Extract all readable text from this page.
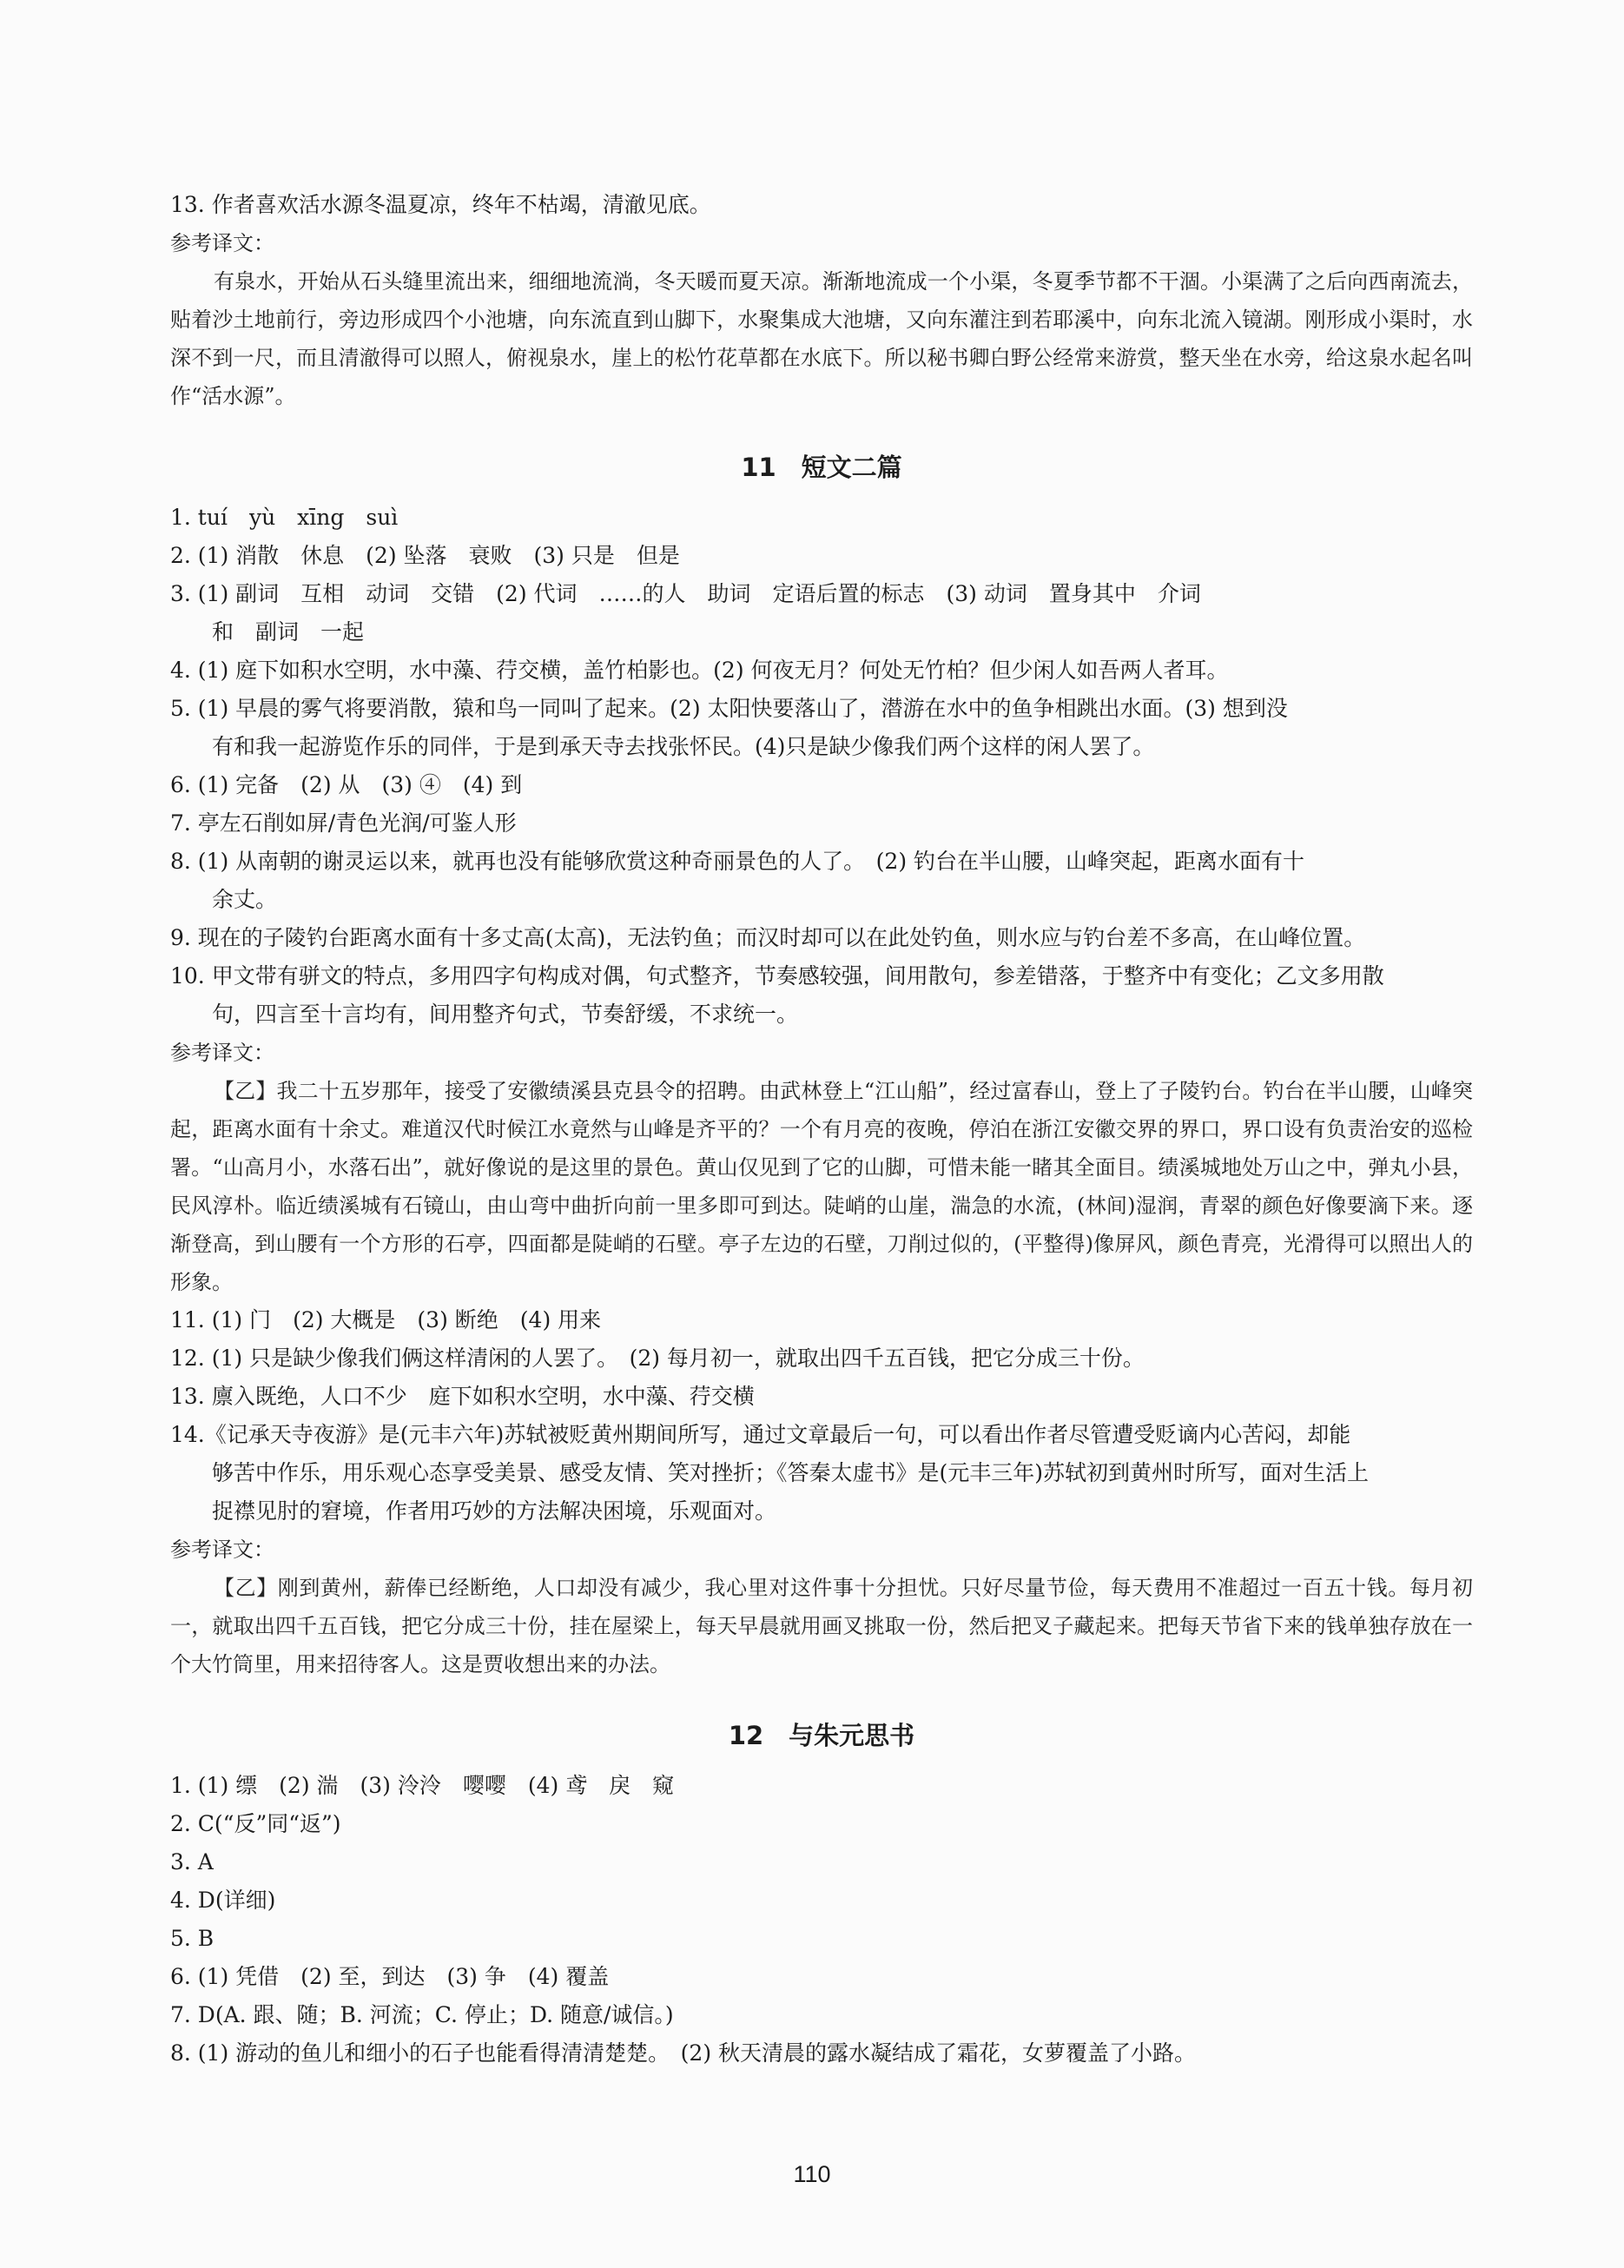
13. 作者喜欢活水源冬温夏凉，终年不枯竭，清澈见底。
参考译文：

有泉水，开始从石头缝里流出来，细细地流淌，冬天暖而夏天凉。渐渐地流成一个小渠，冬夏季节都不干涸。小渠满了之后向西南流去，贴着沙土地前行，旁边形成四个小池塘，向东流直到山脚下，水聚集成大池塘，又向东灌注到若耶溪中，向东北流入镜湖。刚形成小渠时，水深不到一尺，而且清澈得可以照人，俯视泉水，崖上的松竹花草都在水底下。所以秘书卿白野公经常来游赏，整天坐在水旁，给这泉水起名叫作“活水源”。

11　短文二篇
1. tuí　yù　xīng　suì
2. (1) 消散　休息　(2) 坠落　衰败　(3) 只是　但是
3. (1) 副词　互相　动词　交错　(2) 代词　……的人　助词　定语后置的标志　(3) 动词　置身其中　介词
和　副词　一起
4. (1) 庭下如积水空明，水中藻、荇交横，盖竹柏影也。(2) 何夜无月？何处无竹柏？但少闲人如吾两人者耳。
5. (1) 早晨的雾气将要消散，猿和鸟一同叫了起来。(2) 太阳快要落山了，潜游在水中的鱼争相跳出水面。(3) 想到没
有和我一起游览作乐的同伴，于是到承天寺去找张怀民。(4)只是缺少像我们两个这样的闲人罢了。
6. (1) 完备　(2) 从　(3) ④　(4) 到
7. 亭左石削如屏/青色光润/可鉴人形
8. (1) 从南朝的谢灵运以来，就再也没有能够欣赏这种奇丽景色的人了。　(2) 钓台在半山腰，山峰突起，距离水面有十
余丈。
9. 现在的子陵钓台距离水面有十多丈高(太高)，无法钓鱼；而汉时却可以在此处钓鱼，则水应与钓台差不多高，在山峰位置。
10. 甲文带有骈文的特点，多用四字句构成对偶，句式整齐，节奏感较强，间用散句，参差错落，于整齐中有变化；乙文多用散
句，四言至十言均有，间用整齐句式，节奏舒缓，不求统一。
参考译文：

【乙】我二十五岁那年，接受了安徽绩溪县克县令的招聘。由武林登上“江山船”，经过富春山，登上了子陵钓台。钓台在半山腰，山峰突起，距离水面有十余丈。难道汉代时候江水竟然与山峰是齐平的？一个有月亮的夜晚，停泊在浙江安徽交界的界口，界口设有负责治安的巡检署。“山高月小，水落石出”，就好像说的是这里的景色。黄山仅见到了它的山脚，可惜未能一睹其全面目。绩溪城地处万山之中，弹丸小县，民风淳朴。临近绩溪城有石镜山，由山弯中曲折向前一里多即可到达。陡峭的山崖，湍急的水流，(林间)湿润，青翠的颜色好像要滴下来。逐渐登高，到山腰有一个方形的石亭，四面都是陡峭的石壁。亭子左边的石壁，刀削过似的，(平整得)像屏风，颜色青亮，光滑得可以照出人的形象。

11. (1) 门　(2) 大概是　(3) 断绝　(4) 用来
12. (1) 只是缺少像我们俩这样清闲的人罢了。　(2) 每月初一，就取出四千五百钱，把它分成三十份。
13. 廪入既绝，人口不少　庭下如积水空明，水中藻、荇交横
14.《记承天寺夜游》是(元丰六年)苏轼被贬黄州期间所写，通过文章最后一句，可以看出作者尽管遭受贬谪内心苦闷，却能
够苦中作乐，用乐观心态享受美景、感受友情、笑对挫折；《答秦太虚书》是(元丰三年)苏轼初到黄州时所写，面对生活上
捉襟见肘的窘境，作者用巧妙的方法解决困境，乐观面对。
参考译文：

【乙】刚到黄州，薪俸已经断绝，人口却没有减少，我心里对这件事十分担忧。只好尽量节俭，每天费用不准超过一百五十钱。每月初一，就取出四千五百钱，把它分成三十份，挂在屋梁上，每天早晨就用画叉挑取一份，然后把叉子藏起来。把每天节省下来的钱单独存放在一个大竹筒里，用来招待客人。这是贾收想出来的办法。

12　与朱元思书
1. (1) 缥　(2) 湍　(3) 泠泠　嘤嘤　(4) 鸢　戾　窥
2. C(“反”同“返”)
3. A
4. D(详细)
5. B
6. (1) 凭借　(2) 至，到达　(3) 争　(4) 覆盖
7. D(A. 跟、随；B. 河流；C. 停止；D. 随意/诚信。)
8. (1) 游动的鱼儿和细小的石子也能看得清清楚楚。　(2) 秋天清晨的露水凝结成了霜花，女萝覆盖了小路。
110
